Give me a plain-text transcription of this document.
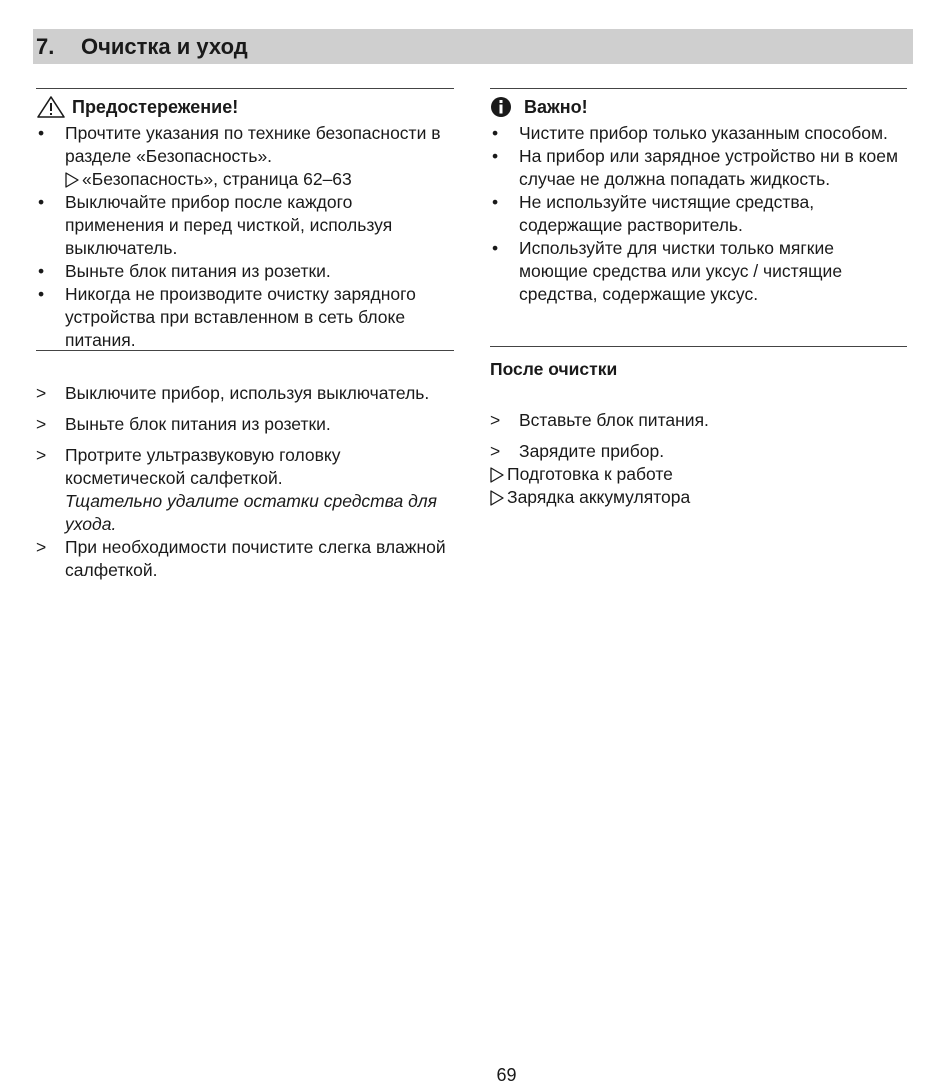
7. Очистка и уход
Предостережение!
• Прочтите указания по технике безопасности в разделе «Безопасность».
«Безопасность», страница 62–63
• Выключайте прибор после каждого применения и перед чисткой, используя выключатель.
• Выньте блок питания из розетки.
• Никогда не производите очистку зарядного устройства при вставленном в сеть блоке питания.
> Выключите прибор, используя выключатель.
> Выньте блок питания из розетки.
> Протрите ультразвуковую головку косметической салфеткой.
Тщательно удалите остатки средства для ухода.
> При необходимости почистите слегка влажной салфеткой.
Важно!
• Чистите прибор только указанным способом.
• На прибор или зарядное устройство ни в коем случае не должна попадать жидкость.
• Не используйте чистящие средства, содержащие растворитель.
• Используйте для чистки только мягкие моющие средства или уксус / чистящие средства, содержащие уксус.
После очистки
> Вставьте блок питания.
> Зарядите прибор.
Подготовка к работе
Зарядка аккумулятора
69
